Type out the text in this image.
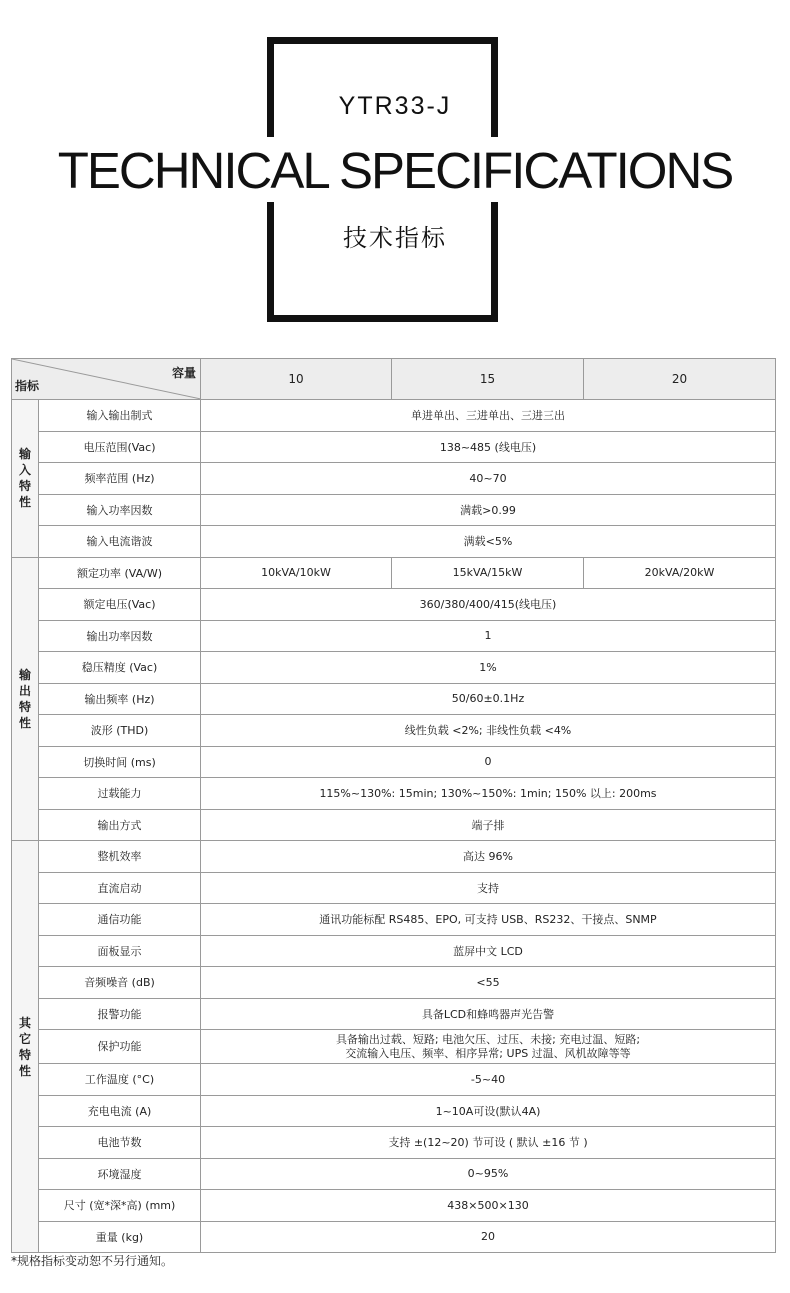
YTR33-J
TECHNICAL SPECIFICATIONS
技术指标
容量
指标		10	15	20
输入特性	输入输出制式	单进单出、三进单出、三进三出		
	电压范围(Vac)	138~485 (线电压)		
	频率范围 (Hz)	40~70		
	输入功率因数	满载>0.99		
	输入电流谐波	满载<5%		
输出特性	额定功率 (VA/W)	10kVA/10kW	15kVA/15kW	20kVA/20kW
	额定电压(Vac)	360/380/400/415(线电压)		
	输出功率因数	1		
	稳压精度 (Vac)	1%		
	输出频率 (Hz)	50/60±0.1Hz		
	波形 (THD)	线性负载 <2%; 非线性负载 <4%		
	切换时间 (ms)	0		
	过载能力	115%~130%: 15min; 130%~150%: 1min; 150% 以上: 200ms		
	输出方式	端子排		
其它特性	整机效率	高达 96%		
	直流启动	支持		
	通信功能	通讯功能标配 RS485、EPO, 可支持 USB、RS232、干接点、SNMP		
	面板显示	蓝屏中文 LCD		
	音频噪音 (dB)	<55		
	报警功能	具备LCD和蜂鸣器声光告警		
	保护功能	具备输出过载、短路; 电池欠压、过压、未接; 充电过温、短路;
交流输入电压、频率、相序异常; UPS 过温、风机故障等等		

	工作温度 (°C)	-5~40		
	充电电流 (A)	1~10A可设(默认4A)		
	电池节数	支持 ±(12~20) 节可设 ( 默认 ±16 节 )		
	环境湿度	0~95%		
	尺寸 (宽*深*高) (mm)	438×500×130		
	重量 (kg)	20		
*规格指标变动恕不另行通知。
